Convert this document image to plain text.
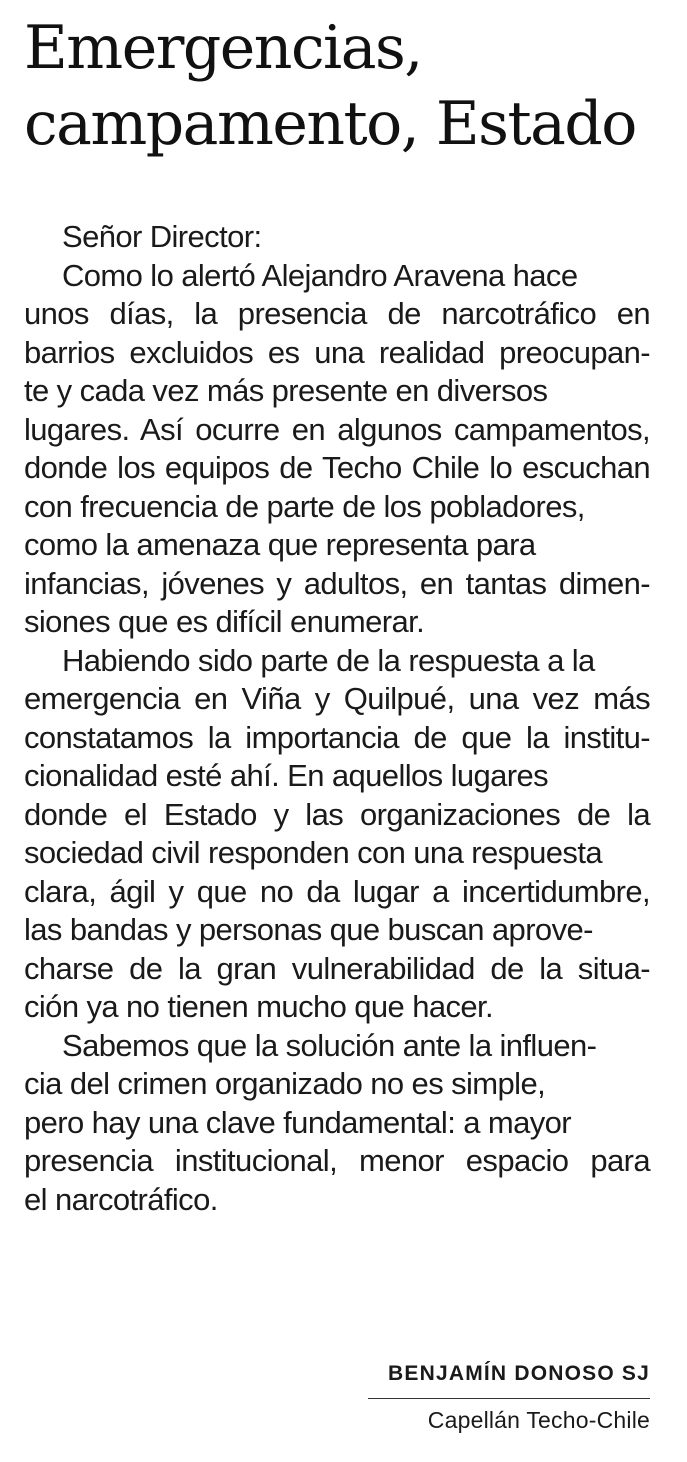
Emergencias,
campamento, Estado
Señor Director:
Como lo alertó Alejandro Aravena hace
unos días, la presencia de narcotráfico en
barrios excluidos es una realidad preocupan-
te y cada vez más presente en diversos
lugares. Así ocurre en algunos campamentos,
donde los equipos de Techo Chile lo escuchan
con frecuencia de parte de los pobladores,
como la amenaza que representa para
infancias, jóvenes y adultos, en tantas dimen-
siones que es difícil enumerar.
Habiendo sido parte de la respuesta a la
emergencia en Viña y Quilpué, una vez más
constatamos la importancia de que la institu-
cionalidad esté ahí. En aquellos lugares
donde el Estado y las organizaciones de la
sociedad civil responden con una respuesta
clara, ágil y que no da lugar a incertidumbre,
las bandas y personas que buscan aprove-
charse de la gran vulnerabilidad de la situa-
ción ya no tienen mucho que hacer.
Sabemos que la solución ante la influen-
cia del crimen organizado no es simple,
pero hay una clave fundamental: a mayor
presencia institucional, menor espacio para
el narcotráfico.
BENJAMÍN DONOSO SJ
Capellán Techo-Chile
